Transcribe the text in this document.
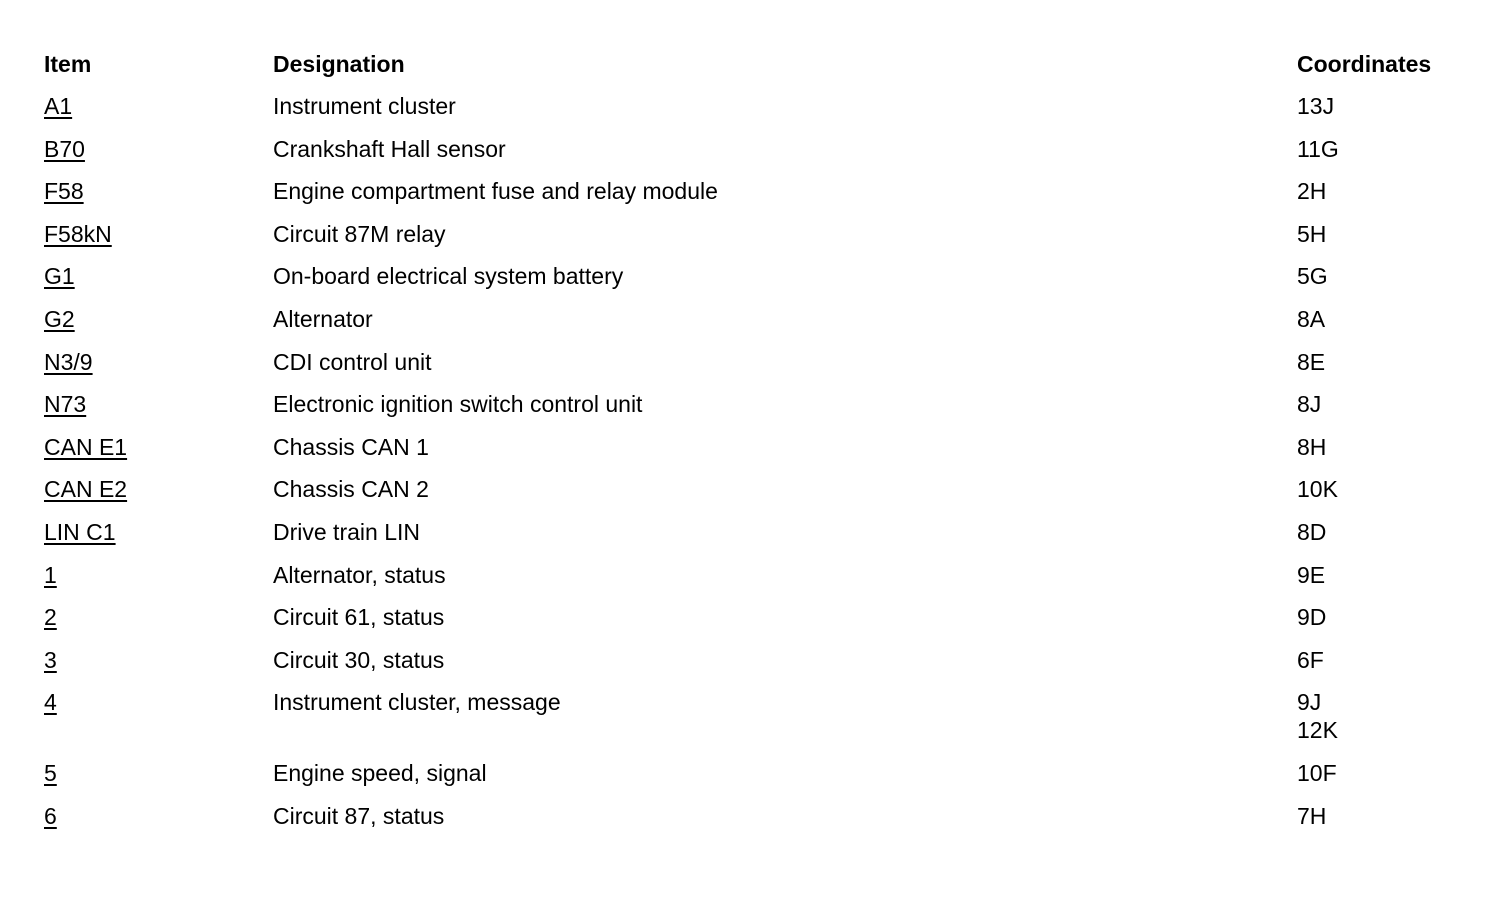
Item	Designation	Coordinates
A1	Instrument cluster	13J
B70	Crankshaft Hall sensor	11G
F58	Engine compartment fuse and relay module	2H
F58kN	Circuit 87M relay	5H
G1	On-board electrical system battery	5G
G2	Alternator	8A
N3/9	CDI control unit	8E
N73	Electronic ignition switch control unit	8J
CAN E1	Chassis CAN 1	8H
CAN E2	Chassis CAN 2	10K
LIN C1	Drive train LIN	8D
1	Alternator, status	9E
2	Circuit 61, status	9D
3	Circuit 30, status	6F
4	Instrument cluster, message	9J
12K
5	Engine speed, signal	10F
6	Circuit 87, status	7H
